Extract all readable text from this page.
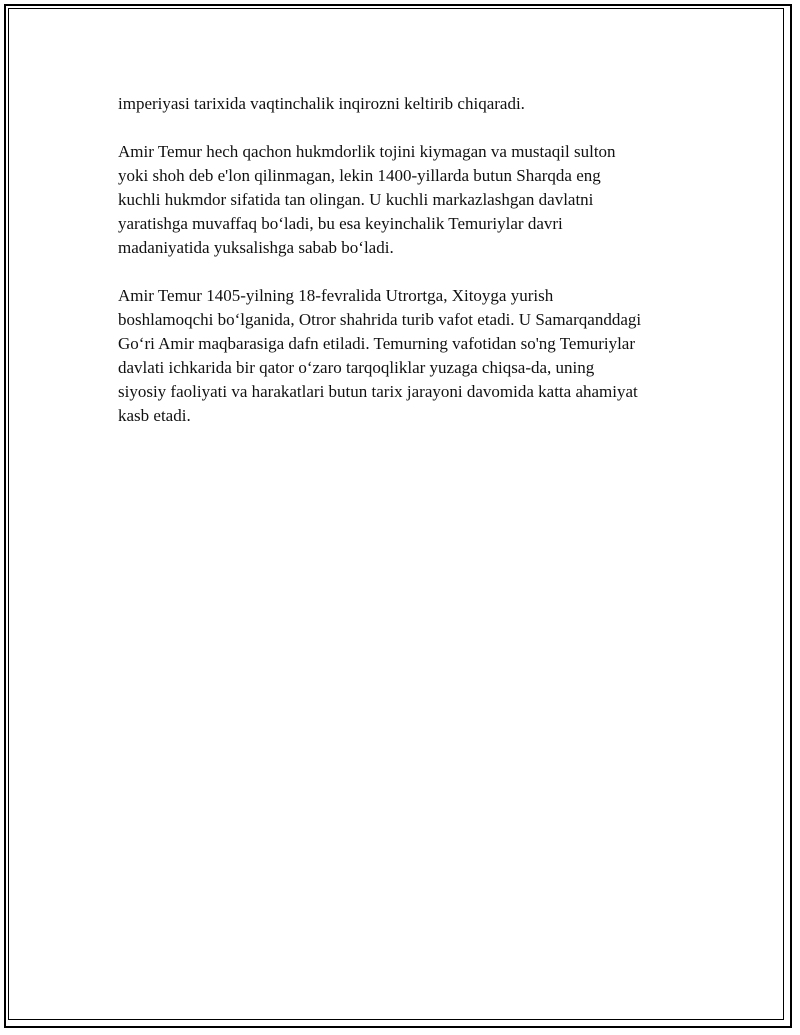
imperiyasi tarixida vaqtinchalik inqirozni keltirib chiqaradi.
Amir Temur hech qachon hukmdorlik tojini kiymagan va mustaqil sulton
yoki shoh deb e'lon qilinmagan, lekin 1400-yillarda butun Sharqda eng
kuchli hukmdor sifatida tan olingan. U kuchli markazlashgan davlatni
yaratishga muvaffaq bo‘ladi, bu esa keyinchalik Temuriylar davri
madaniyatida yuksalishga sabab bo‘ladi.
Amir Temur 1405-yilning 18-fevralida Utrortga, Xitoyga yurish
boshlamoqchi bo‘lganida, Otror shahrida turib vafot etadi. U Samarqanddagi
Go‘ri Amir maqbarasiga dafn etiladi. Temurning vafotidan so'ng Temuriylar
davlati ichkarida bir qator o‘zaro tarqoqliklar yuzaga chiqsa-da, uning
siyosiy faoliyati va harakatlari butun tarix jarayoni davomida katta ahamiyat
kasb etadi.
